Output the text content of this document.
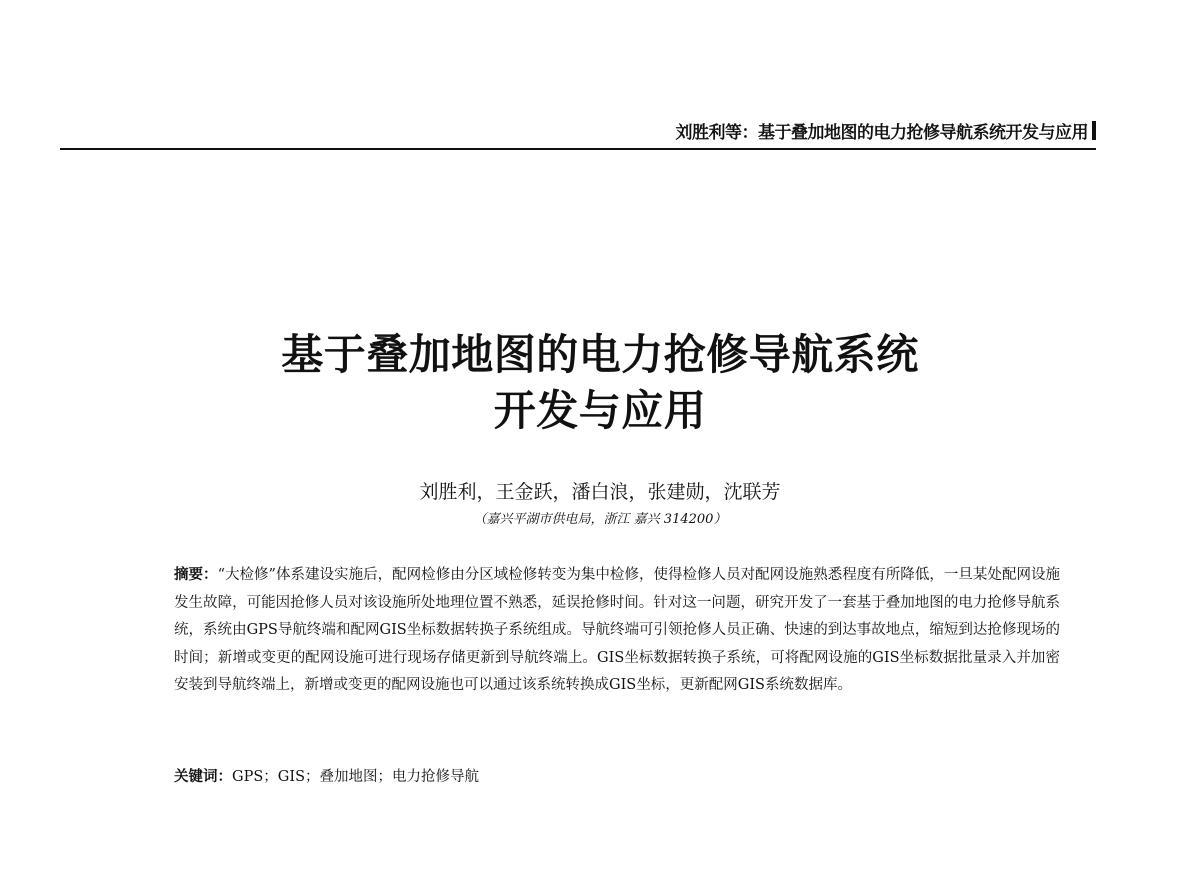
刘胜利等：基于叠加地图的电力抢修导航系统开发与应用
基于叠加地图的电力抢修导航系统
开发与应用
刘胜利，王金跃，潘白浪，张建勋，沈联芳
（嘉兴平湖市供电局，浙江 嘉兴 314200）
摘要：“大检修”体系建设实施后，配网检修由分区域检修转变为集中检修，使得检修人员对配网设施熟悉程度有所降低，一旦某处配网设施发生故障，可能因抢修人员对该设施所处地理位置不熟悉，延误抢修时间。针对这一问题，研究开发了一套基于叠加地图的电力抢修导航系统，系统由GPS导航终端和配网GIS坐标数据转换子系统组成。导航终端可引领抢修人员正确、快速的到达事故地点，缩短到达抢修现场的时间；新增或变更的配网设施可进行现场存储更新到导航终端上。GIS坐标数据转换子系统，可将配网设施的GIS坐标数据批量录入并加密安装到导航终端上，新增或变更的配网设施也可以通过该系统转换成GIS坐标，更新配网GIS系统数据库。
关键词：GPS；GIS；叠加地图；电力抢修导航
